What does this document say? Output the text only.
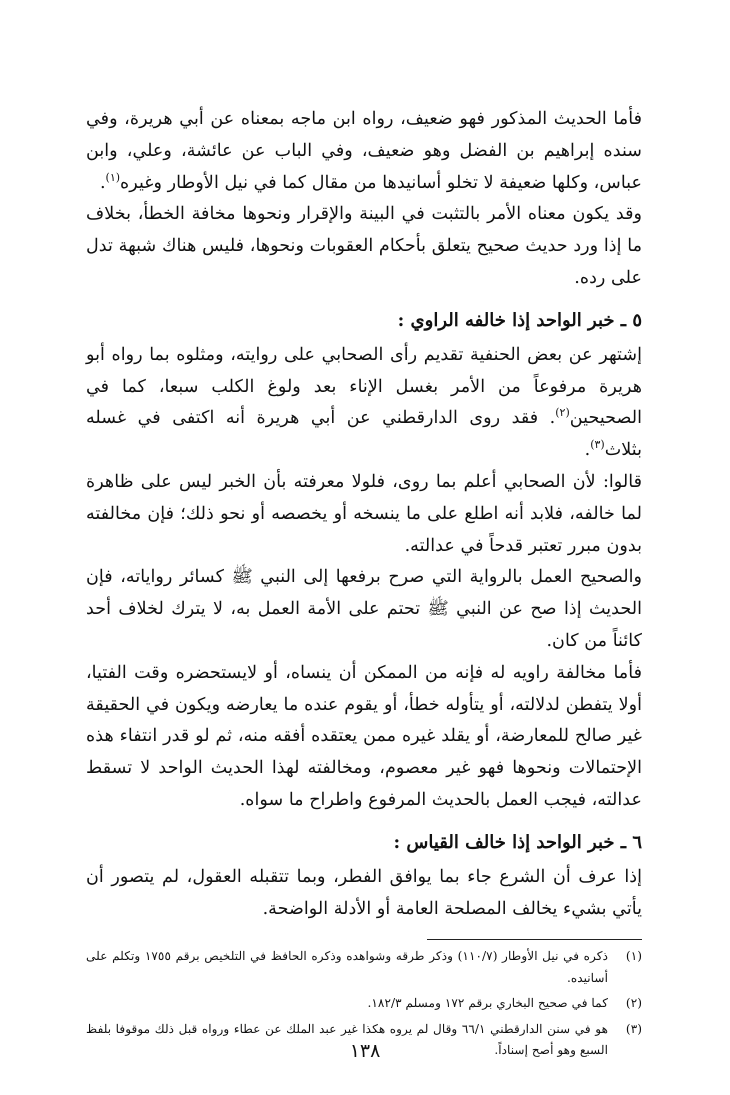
فأما الحديث المذكور فهو ضعيف، رواه ابن ماجه بمعناه عن أبي هريرة، وفي سنده إبراهيم بن الفضل وهو ضعيف، وفي الباب عن عائشة، وعلي، وابن عباس، وكلها ضعيفة لا تخلو أسانيدها من مقال كما في نيل الأوطار وغيره$^{(١)}$.

وقد يكون معناه الأمر بالتثبت في البينة والإقرار ونحوها مخافة الخطأ، بخلاف ما إذا ورد حديث صحيح يتعلق بأحكام العقوبات ونحوها، فليس هناك شبهة تدل على رده.

٥ ـ خبر الواحد إذا خالفه الراوي :

إشتهر عن بعض الحنفية تقديم رأى الصحابي على روايته، ومثلوه بما رواه أبو هريرة مرفوعاً من الأمر بغسل الإناء بعد ولوغ الكلب سبعا، كما في الصحيحين$^{(٢)}$. فقد روى الدارقطني عن أبي هريرة أنه اكتفى في غسله بثلاث$^{(٣)}$.

قالوا: لأن الصحابي أعلم بما روى، فلولا معرفته بأن الخبر ليس على ظاهرة لما خالفه، فلابد أنه اطلع على ما ينسخه أو يخصصه أو نحو ذلك؛ فإن مخالفته بدون مبرر تعتبر قدحاً في عدالته.

والصحيح العمل بالرواية التي صرح برفعها إلى النبي ﷺ كسائر رواياته، فإن الحديث إذا صح عن النبي ﷺ تحتم على الأمة العمل به، لا يترك لخلاف أحد كائناً من كان.

فأما مخالفة راويه له فإنه من الممكن أن ينساه، أو لايستحضره وقت الفتيا، أولا يتفطن لدلالته، أو يتأوله خطأ، أو يقوم عنده ما يعارضه ويكون في الحقيقة غير صالح للمعارضة، أو يقلد غيره ممن يعتقده أفقه منه، ثم لو قدر انتفاء هذه الإحتمالات ونحوها فهو غير معصوم، ومخالفته لهذا الحديث الواحد لا تسقط عدالته، فيجب العمل بالحديث المرفوع واطراح ما سواه.

٦ ـ خبر الواحد إذا خالف القياس :

إذا عرف أن الشرع جاء بما يوافق الفطر، وبما تتقبله العقول، لم يتصور أن يأتي بشيء يخالف المصلحة العامة أو الأدلة الواضحة.

(١)
ذكره في نيل الأوطار (١١٠/٧) وذكر طرقه وشواهده وذكره الحافظ في التلخيص برقم ١٧٥٥ وتكلم على أسانيده.
(٢)
كما في صحيح البخاري برقم ١٧٢ ومسلم ١٨٢/٣.
(٣)
هو في سنن الدارقطني ٦٦/١ وقال لم يروه هكذا غير عبد الملك عن عطاء ورواه قبل ذلك موقوفا بلفظ السبع وهو أصح إسناداً.
١٣٨
